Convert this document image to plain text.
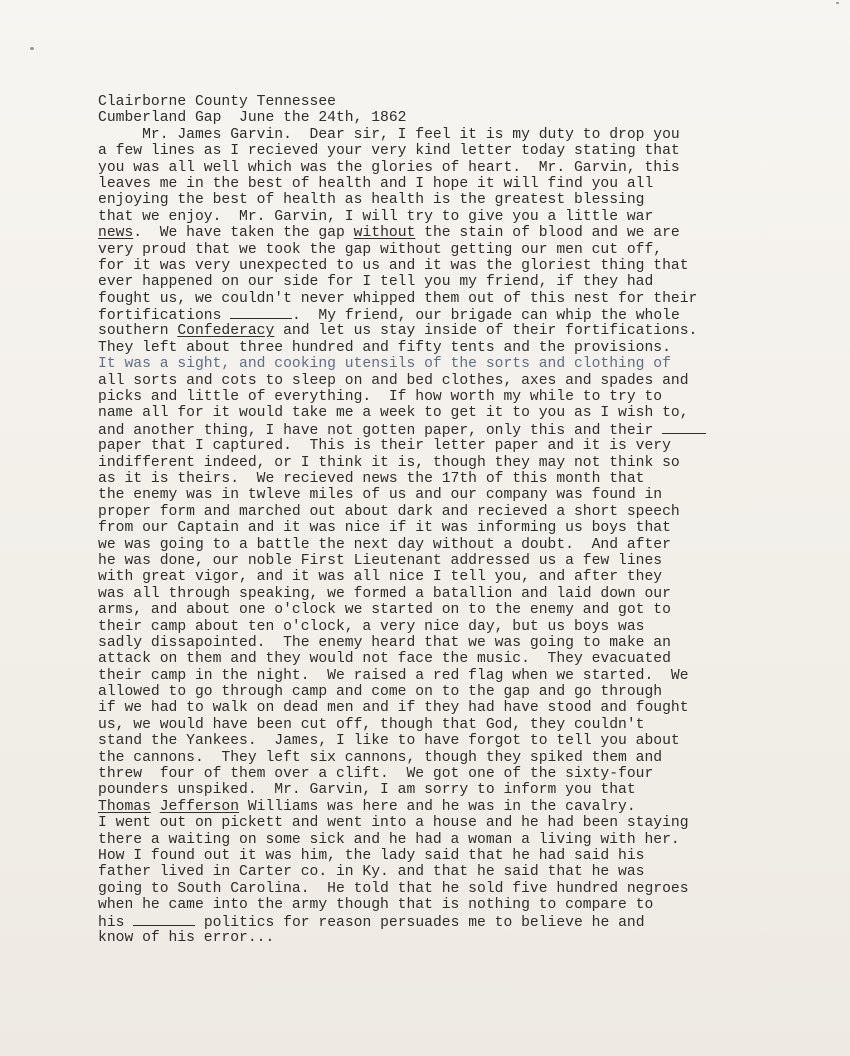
Clairborne County Tennessee
Cumberland Gap  June the 24th, 1862
Mr. James Garvin.  Dear sir, I feel it is my duty to drop you
a few lines as I recieved your very kind letter today stating that
you was all well which was the glories of heart.  Mr. Garvin, this
leaves me in the best of health and I hope it will find you all
enjoying the best of health as health is the greatest blessing
that we enjoy.  Mr. Garvin, I will try to give you a little war
news.  We have taken the gap without the stain of blood and we are
very proud that we took the gap without getting our men cut off,
for it was very unexpected to us and it was the gloriest thing that
ever happened on our side for I tell you my friend, if they had
fought us, we couldn't never whipped them out of this nest for their
fortifications	.  My friend, our brigade can whip the whole
southern Confederacy and let us stay inside of their fortifications.
They left about three hundred and fifty tents and the provisions.
It was a sight, and cooking utensils of the sorts and clothing of
all sorts and cots to sleep on and bed clothes, axes and spades and
picks and little of everything.  If how worth my while to try to
name all for it would take me a week to get it to you as I wish to,
and another thing, I have not gotten paper, only this and their
paper that I captured.  This is their letter paper and it is very
indifferent indeed, or I think it is, though they may not think so
as it is theirs.  We recieved news the 17th of this month that
the enemy was in twleve miles of us and our company was found in
proper form and marched out about dark and recieved a short speech
from our Captain and it was nice if it was informing us boys that
we was going to a battle the next day without a doubt.  And after
he was done, our noble First Lieutenant addressed us a few lines
with great vigor, and it was all nice I tell you, and after they
was all through speaking, we formed a batallion and laid down our
arms, and about one o'clock we started on to the enemy and got to
their camp about ten o'clock, a very nice day, but us boys was
sadly dissapointed.  The enemy heard that we was going to make an
attack on them and they would not face the music.  They evacuated
their camp in the night.  We raised a red flag when we started.  We
allowed to go through camp and come on to the gap and go through
if we had to walk on dead men and if they had have stood and fought
us, we would have been cut off, though that God, they couldn't
stand the Yankees.  James, I like to have forgot to tell you about
the cannons.  They left six cannons, though they spiked them and
threw  four of them over a clift.  We got one of the sixty-four
pounders unspiked.  Mr. Garvin, I am sorry to inform you that
Thomas Jefferson Williams was here and he was in the cavalry.
I went out on pickett and went into a house and he had been staying
there a waiting on some sick and he had a woman a living with her.
How I found out it was him, the lady said that he had said his
father lived in Carter co. in Ky. and that he said that he was
going to South Carolina.  He told that he sold five hundred negroes
when he came into the army though that is nothing to compare to
his	politics for reason persuades me to believe he and
know of his error...
